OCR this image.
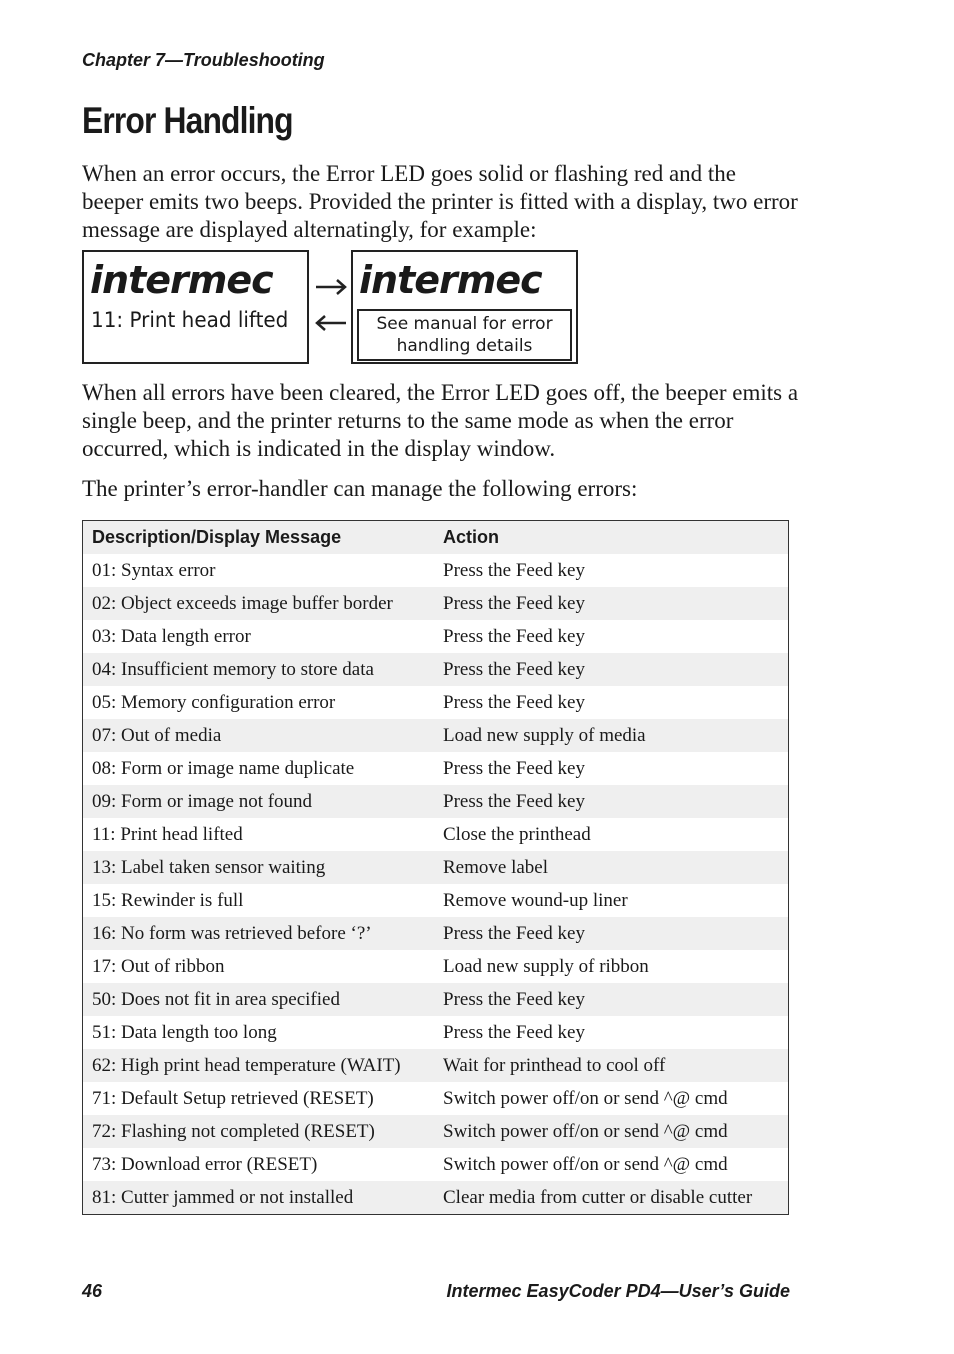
Chapter 7—Troubleshooting
Error Handling
When an error occurs, the Error LED goes solid or flashing red and the beeper emits two beeps. Provided the printer is fitted with a display, two error message are displayed alternatingly, for example:
intermec
11: Print head lifted
intermec
See manual for error
handling details
When all errors have been cleared, the Error LED goes off, the beeper emits a single beep, and the printer returns to the same mode as when the error occurred, which is indicated in the display window.
The printer’s error-handler can manage the following errors:
Description/Display Message	Action
01: Syntax error	Press the Feed key
02: Object exceeds image buffer border	Press the Feed key
03: Data length error	Press the Feed key
04: Insufficient memory to store data	Press the Feed key
05: Memory configuration error	Press the Feed key
07: Out of media	Load new supply of media
08: Form or image name duplicate	Press the Feed key
09: Form or image not found	Press the Feed key
11: Print head lifted	Close the printhead
13: Label taken sensor waiting	Remove label
15: Rewinder is full	Remove wound-up liner
16: No form was retrieved before ‘?’	Press the Feed key
17: Out of ribbon	Load new supply of ribbon
50: Does not fit in area specified	Press the Feed key
51: Data length too long	Press the Feed key
62: High print head temperature (WAIT)	Wait for printhead to cool off
71: Default Setup retrieved (RESET)	Switch power off/on or send ^@ cmd
72: Flashing not completed (RESET)	Switch power off/on or send ^@ cmd
73: Download error (RESET)	Switch power off/on or send ^@ cmd
81: Cutter jammed or not installed	Clear media from cutter or disable cutter
46	Intermec EasyCoder PD4—User’s Guide
